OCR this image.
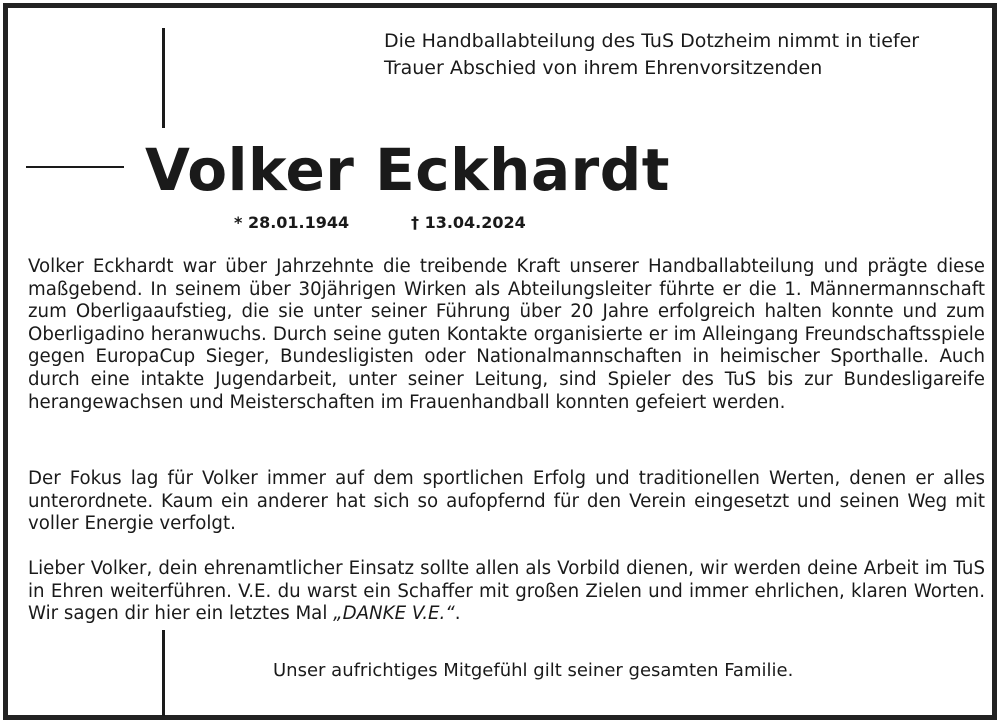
Die Handballabteilung des TuS Dotzheim nimmt in tiefer
Trauer Abschied von ihrem Ehrenvorsitzenden
Volker Eckhardt
* 28.01.1944	† 13.04.2024

Volker Eckhardt war über Jahrzehnte die treibende Kraft unserer Handballabteilung und prägte diese maßgebend. In seinem über 30jährigen Wirken als Abteilungsleiter führte er die 1. Männermannschaft zum Oberligaaufstieg, die sie unter seiner Führung über 20 Jahre erfolgreich halten konnte und zum Oberligadino heranwuchs. Durch seine guten Kontakte organisierte er im Alleingang Freundschaftsspiele gegen EuropaCup Sieger, Bundesligisten oder Nationalmannschaften in heimischer Sporthalle. Auch durch eine intakte Jugendarbeit, unter seiner Leitung, sind Spieler des TuS bis zur Bundesligareife herangewachsen und Meisterschaften im Frauenhandball konnten gefeiert werden.

Der Fokus lag für Volker immer auf dem sportlichen Erfolg und traditionellen Werten, denen er alles unterordnete. Kaum ein anderer hat sich so aufopfernd für den Verein eingesetzt und seinen Weg mit voller Energie verfolgt.

Lieber Volker, dein ehrenamtlicher Einsatz sollte allen als Vorbild dienen, wir werden deine Arbeit im TuS in Ehren weiterführen. V.E. du warst ein Schaffer mit großen Zielen und immer ehrlichen, klaren Worten. Wir sagen dir hier ein letztes Mal „DANKE V.E.“.

Unser aufrichtiges Mitgefühl gilt seiner gesamten Familie.
